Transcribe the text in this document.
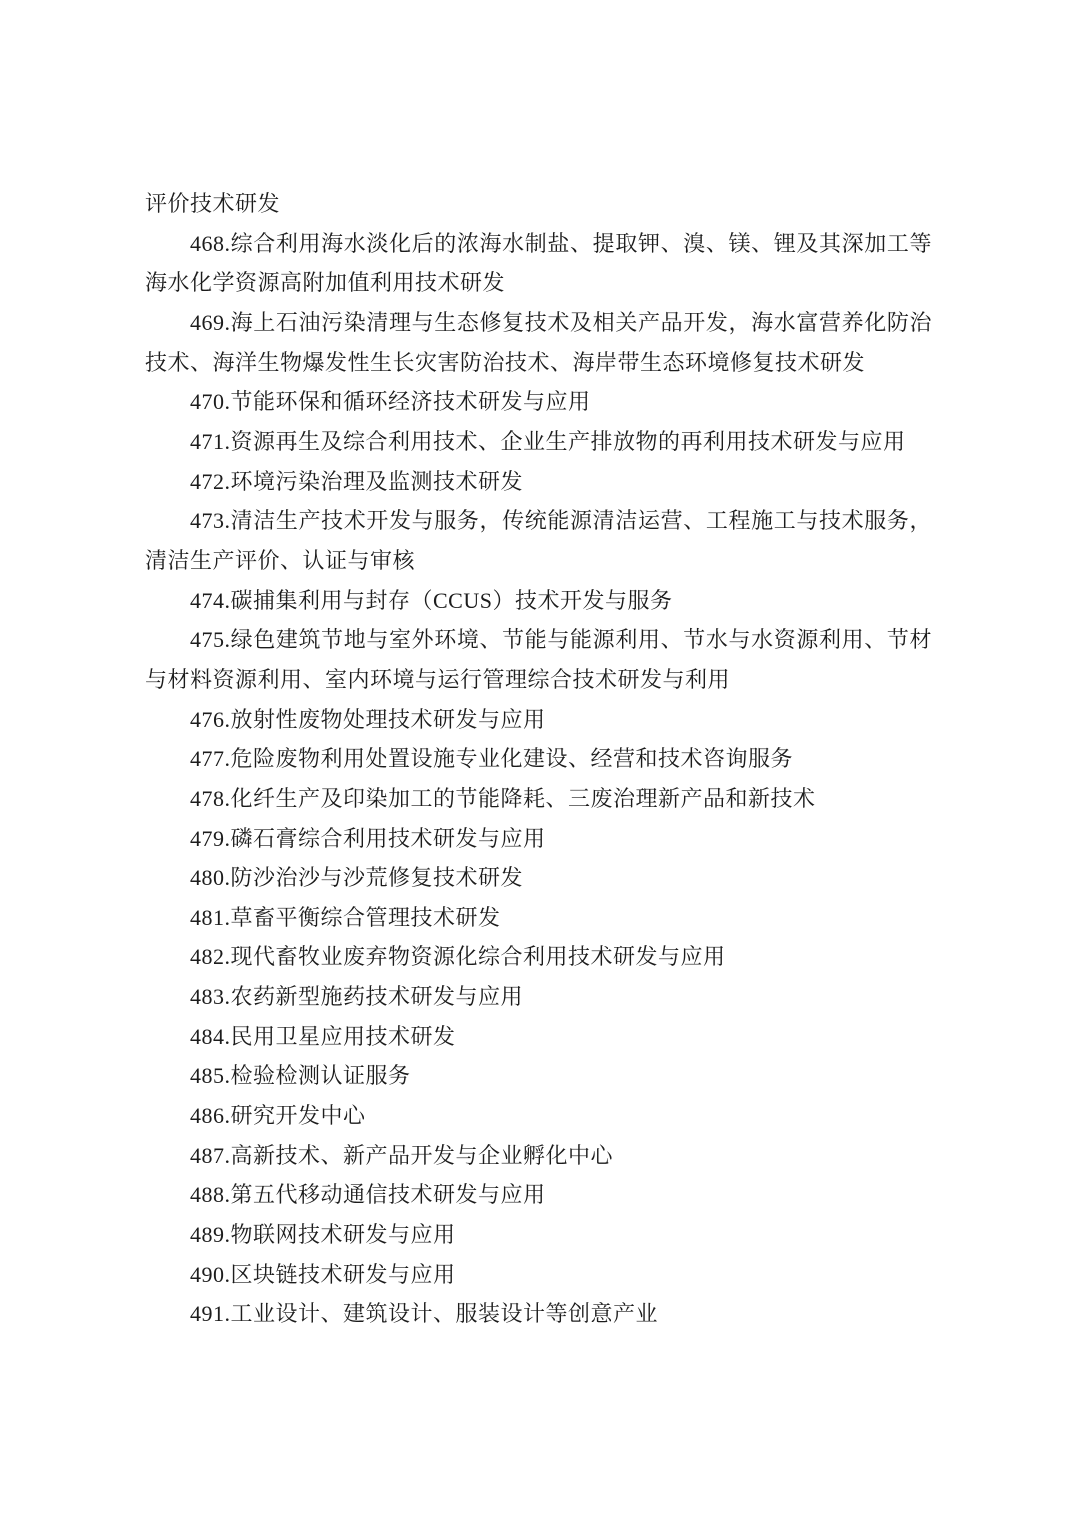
评价技术研发

468.综合利用海水淡化后的浓海水制盐、提取钾、溴、镁、锂及其深加工等海水化学资源高附加值利用技术研发

469.海上石油污染清理与生态修复技术及相关产品开发，海水富营养化防治技术、海洋生物爆发性生长灾害防治技术、海岸带生态环境修复技术研发

470.节能环保和循环经济技术研发与应用

471.资源再生及综合利用技术、企业生产排放物的再利用技术研发与应用

472.环境污染治理及监测技术研发

473.清洁生产技术开发与服务，传统能源清洁运营、工程施工与技术服务，清洁生产评价、认证与审核

474.碳捕集利用与封存（CCUS）技术开发与服务

475.绿色建筑节地与室外环境、节能与能源利用、节水与水资源利用、节材与材料资源利用、室内环境与运行管理综合技术研发与利用

476.放射性废物处理技术研发与应用

477.危险废物利用处置设施专业化建设、经营和技术咨询服务

478.化纤生产及印染加工的节能降耗、三废治理新产品和新技术

479.磷石膏综合利用技术研发与应用

480.防沙治沙与沙荒修复技术研发

481.草畜平衡综合管理技术研发

482.现代畜牧业废弃物资源化综合利用技术研发与应用

483.农药新型施药技术研发与应用

484.民用卫星应用技术研发

485.检验检测认证服务

486.研究开发中心

487.高新技术、新产品开发与企业孵化中心

488.第五代移动通信技术研发与应用

489.物联网技术研发与应用

490.区块链技术研发与应用

491.工业设计、建筑设计、服装设计等创意产业
